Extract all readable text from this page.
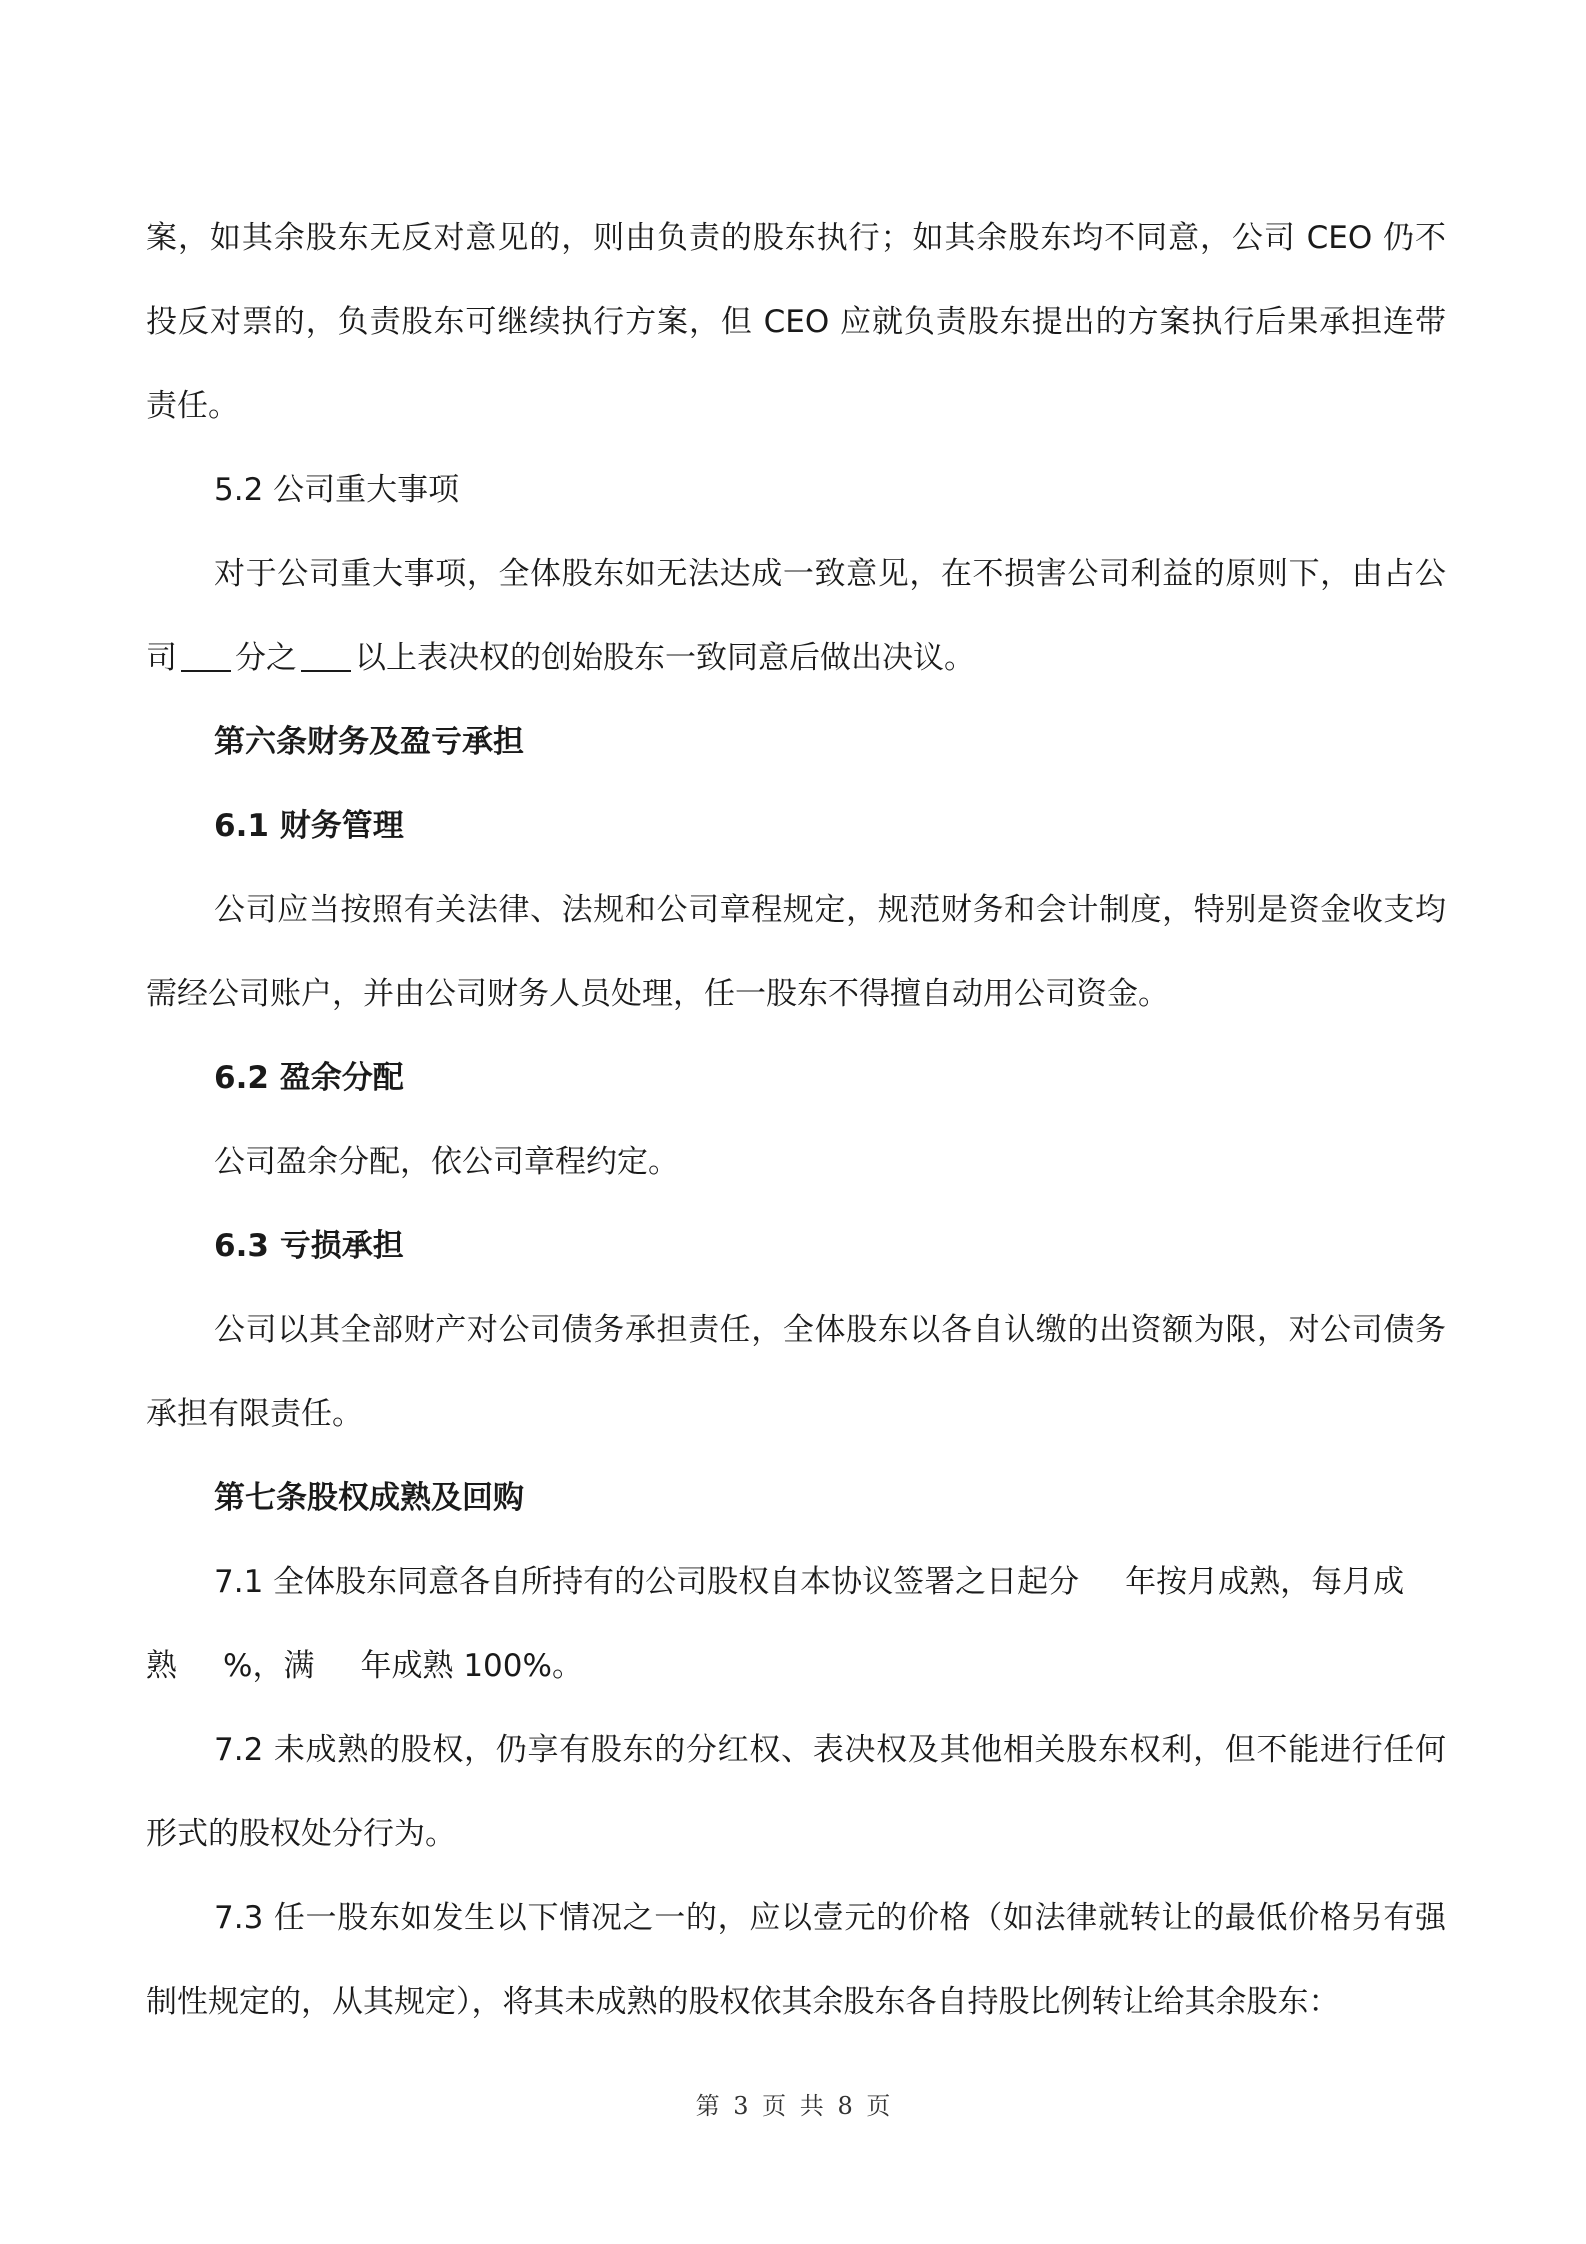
案，如其余股东无反对意见的，则由负责的股东执行；如其余股东均不同意，公司 CEO 仍不
投反对票的，负责股东可继续执行方案，但 CEO 应就负责股东提出的方案执行后果承担连带
责任。
5.2 公司重大事项
对于公司重大事项，全体股东如无法达成一致意见，在不损害公司利益的原则下，由占公
司 分之 以上表决权的创始股东一致同意后做出决议。
第六条财务及盈亏承担
6.1 财务管理
公司应当按照有关法律、法规和公司章程规定，规范财务和会计制度，特别是资金收支均
需经公司账户，并由公司财务人员处理，任一股东不得擅自动用公司资金。
6.2 盈余分配
公司盈余分配，依公司章程约定。
6.3 亏损承担
公司以其全部财产对公司债务承担责任，全体股东以各自认缴的出资额为限，对公司债务
承担有限责任。
第七条股权成熟及回购
7.1 全体股东同意各自所持有的公司股权自本协议签署之日起分 年按月成熟，每月成
熟 %，满 年成熟 100%。
7.2 未成熟的股权，仍享有股东的分红权、表决权及其他相关股东权利，但不能进行任何
形式的股权处分行为。
7.3 任一股东如发生以下情况之一的，应以壹元的价格（如法律就转让的最低价格另有强
制性规定的，从其规定），将其未成熟的股权依其余股东各自持股比例转让给其余股东：
第 3 页 共 8 页
